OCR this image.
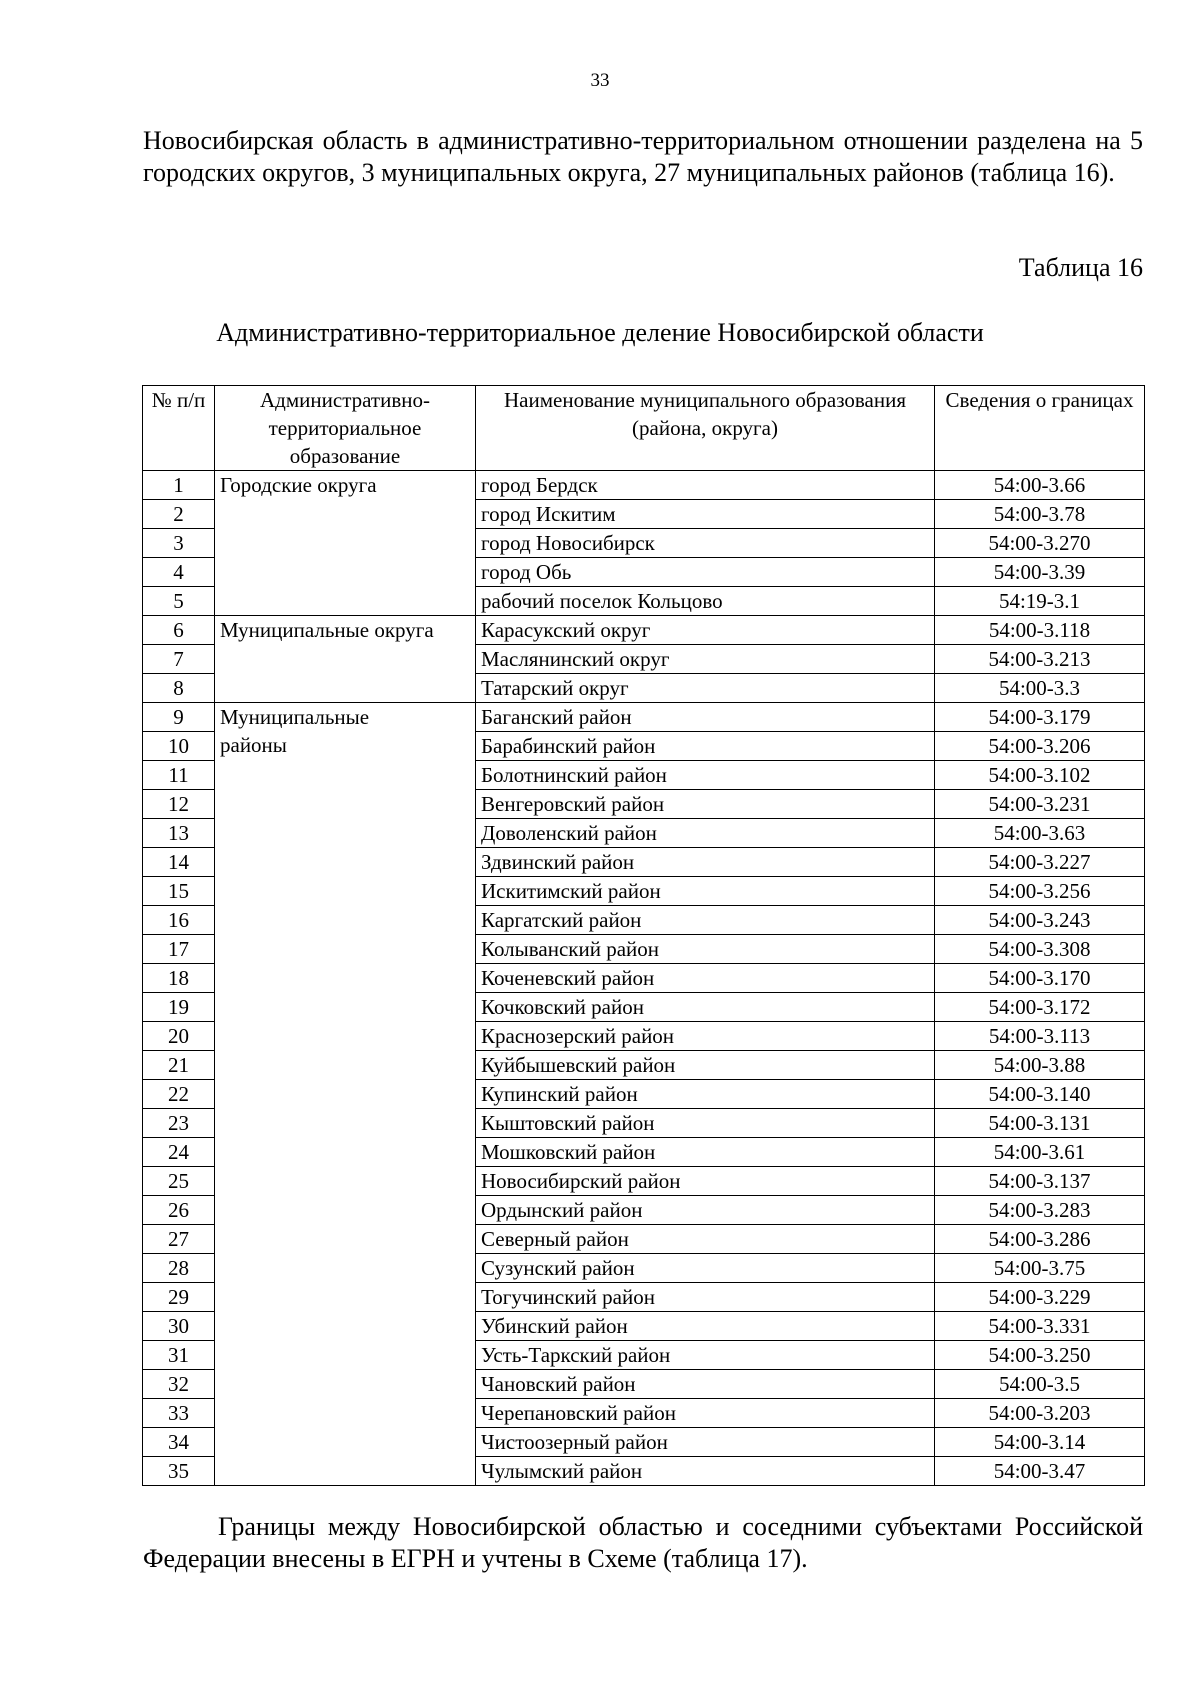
33

Новосибирская область в административно-территориальном отношении разделена на 5 городских округов, 3 муниципальных округа, 27 муниципальных районов (таблица 16).

Таблица 16
Административно-территориальное деление Новосибирской области
№ п/п	Административно-территориальное образование	Наименование муниципального образования (района, округа)	Сведения о границах
1	Городские округа	город Бердск	54:00-3.66
2		город Искитим	54:00-3.78
3		город Новосибирск	54:00-3.270
4		город Обь	54:00-3.39
5		рабочий поселок Кольцово	54:19-3.1
6	Муниципальные округа	Карасукский округ	54:00-3.118
7		Маслянинский округ	54:00-3.213
8		Татарский округ	54:00-3.3
9	Муниципальные районы	Баганский район	54:00-3.179
10		Барабинский район	54:00-3.206
11		Болотнинский район	54:00-3.102
12		Венгеровский район	54:00-3.231
13		Доволенский район	54:00-3.63
14		Здвинский район	54:00-3.227
15		Искитимский район	54:00-3.256
16		Каргатский район	54:00-3.243
17		Колыванский район	54:00-3.308
18		Коченевский район	54:00-3.170
19		Кочковский район	54:00-3.172
20		Краснозерский район	54:00-3.113
21		Куйбышевский район	54:00-3.88
22		Купинский район	54:00-3.140
23		Кыштовский район	54:00-3.131
24		Мошковский район	54:00-3.61
25		Новосибирский район	54:00-3.137
26		Ордынский район	54:00-3.283
27		Северный район	54:00-3.286
28		Сузунский район	54:00-3.75
29		Тогучинский район	54:00-3.229
30		Убинский район	54:00-3.331
31		Усть-Таркский район	54:00-3.250
32		Чановский район	54:00-3.5
33		Черепановский район	54:00-3.203
34		Чистоозерный район	54:00-3.14
35		Чулымский район	54:00-3.47

Границы между Новосибирской областью и соседними субъектами Российской Федерации внесены в ЕГРН и учтены в Схеме (таблица 17).
